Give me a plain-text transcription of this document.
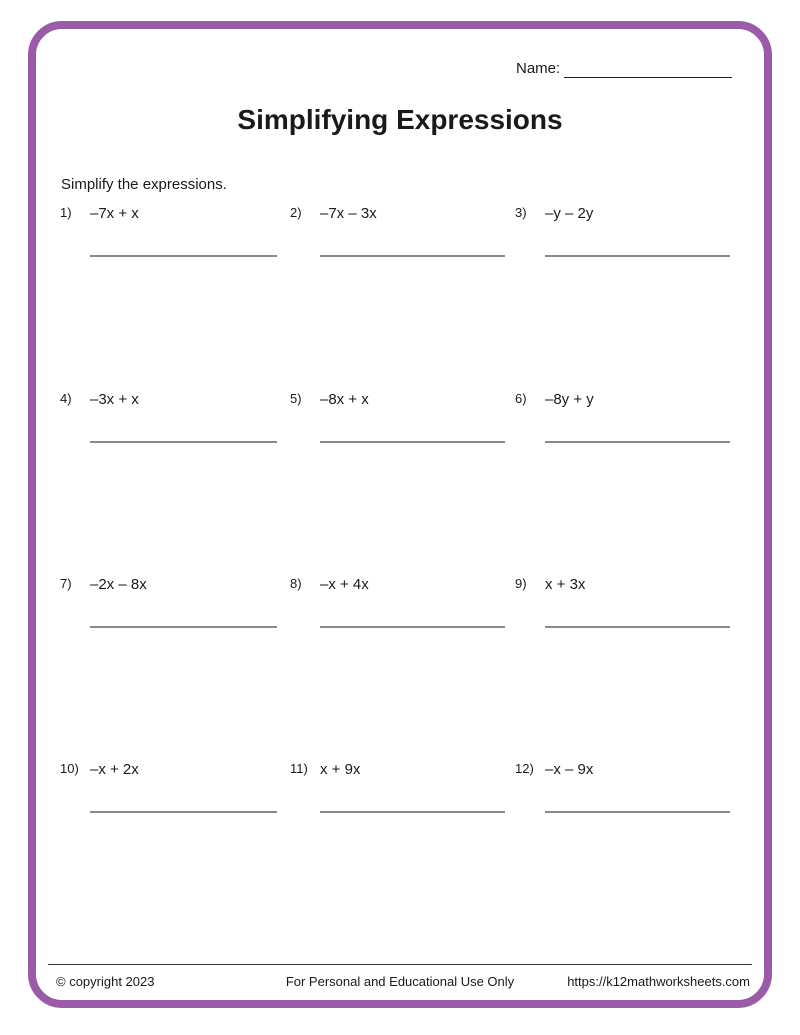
Name:
Simplifying Expressions
Simplify the expressions.
1)	–7x + x	2)	–7x – 3x	3)	–y – 2y
4)	–3x + x	5)	–8x + x	6)	–8y + y
7)	–2x – 8x	8)	–x + 4x	9)	x + 3x
10) –x + 2x	11) x + 9x	12) –x – 9x
© copyright 2023	For Personal and Educational Use Only	https://k12mathworksheets.com
